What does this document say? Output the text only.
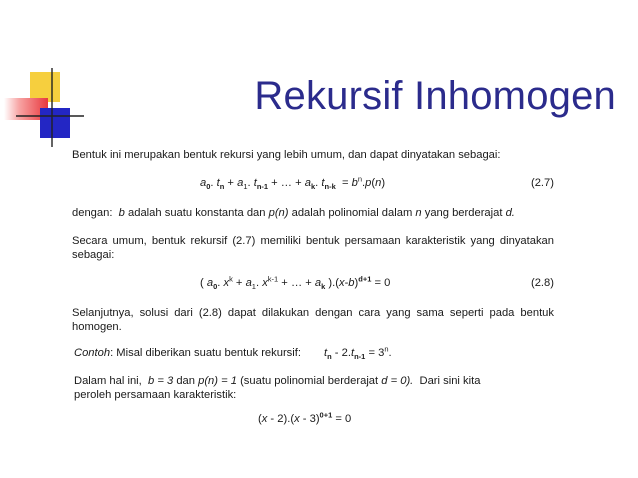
Rekursif Inhomogen

Bentuk ini merupakan bentuk rekursi yang lebih umum, dan dapat dinyatakan sebagai:

$a_0$. $t_n + a_1$. $t_{n-1}$ + … + $a_k$. $t_{n-k} = b^n.p(n)$	(2.7)

dengan: b adalah suatu konstanta dan p(n) adalah polinomial dalam n yang berderajat d.

Secara umum, bentuk rekursif (2.7) memiliki bentuk persamaan karakteristik yang dinyatakan sebagai:

( $a_0$. $x^k + a_1$. $x^{k-1}$ + … + $a_k$ )$.(x-b)^{d+1} = 0$	(2.8)

Selanjutnya, solusi dari (2.8) dapat dilakukan dengan cara yang sama seperti pada bentuk homogen.

Contoh: Misal diberikan suatu bentuk rekursif: $t_n - 2.t_{n-1} = 3^n$.
Dalam hal ini, b = 3 dan p(n) = 1 (suatu polinomial berderajat d = 0). Dari sini kita
peroleh persamaan karakteristik:
(x - 2).(x - 3)$^{0+1}$ = 0
